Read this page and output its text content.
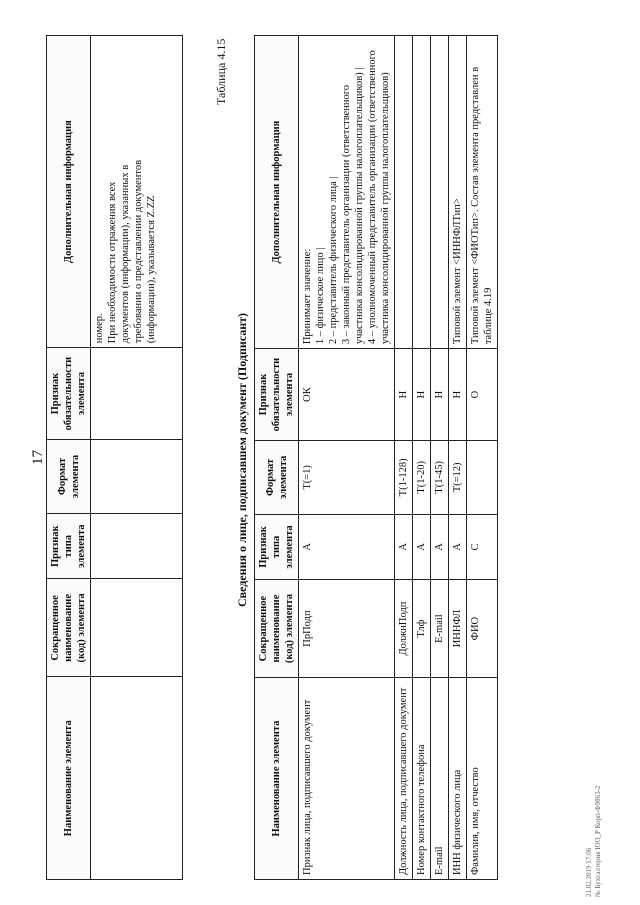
17
Наименование элемента	Сокращенное наименование (код) элемента	Признак типа элемента	Формат элемента	Признак обязательности элемента	Дополнительная информация

					номер. При необходимости отражения всех документов (информации), указанных в требовании о представлении документов (информации), указывается Z.ZZ
Таблица 4.15
Сведения о лице, подписавшем документ (Подписант)
Наименование элемента	Сокращенное наименование (код) элемента	Признак типа элемента	Формат элемента	Признак обязательности элемента	Дополнительная информация
Признак лица, подписавшего документ	ПрПодп	А	T(=1)	ОК	Принимает значение: 1 – физическое лицо | 2 – представитель физического лица | 3 – законный представитель организации (ответственного участника консолидированной группы налогоплательщиков) | 4 – уполномоченный представитель организации (ответственного участника консолидированной группы налогоплательщиков)

Должность лица, подписавшего документ	ДолжнПодп	А	T(1-128)	Н	
Номер контактного телефона	Тлф	А	T(1-20)	Н	
E-mail	E-mail	А	T(1-45)	Н	
ИНН физического лица	ИННФЛ	А	T(=12)	Н	Типовой элемент <ИННФЛТип>
Фамилия, имя, отчество	ФИО	С		О	Типовой элемент <ФИОТип>. Состав элемента представлен в таблице 4.19
21.02.2019 17:06 № Бухгалтерия ЮО_Р Корп-Ф9863-2
